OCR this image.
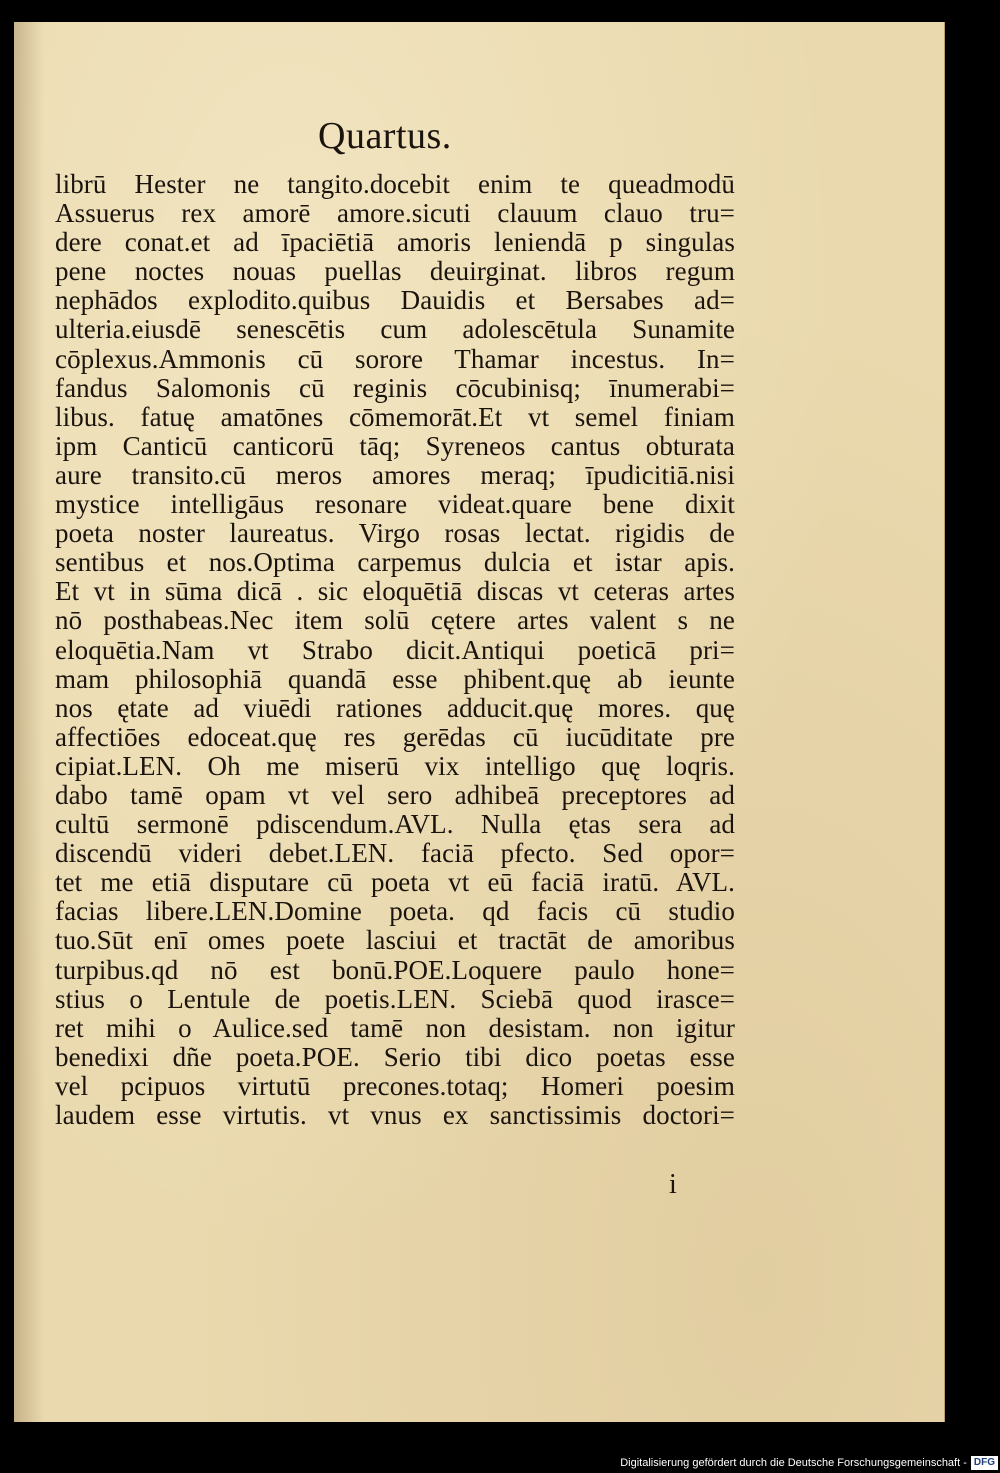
Quartus.
librū Hester ne tangito.docebit enim te queadmodū
Assuerus rex amorē amore.sicuti clauum clauo tru=
dere conat.et ad īpaciētiā amoris leniendā p singulas
pene noctes nouas puellas deuirginat. libros regum
nephādos explodito.quibus Dauidis et Bersabes ad=
ulteria.eiusdē senescētis cum adolescētula Sunamite
cōplexus.Ammonis cū sorore Thamar incestus. In=
fandus Salomonis cū reginis cōcubinisq; īnumerabi=
libus. fatuę amatōnes cōmemorāt.Et vt semel finiam
ipm Canticū canticorū tāq; Syreneos cantus obturata
aure transito.cū meros amores meraq; īpudicitiā.nisi
mystice intelligāus resonare videat.quare bene dixit
poeta noster laureatus. Virgo rosas lectat. rigidis de
sentibus et nos.Optima carpemus dulcia et istar apis.
Et vt in sūma dicā . sic eloquētiā discas vt ceteras artes
nō posthabeas.Nec item solū cętere artes valent s ne
eloquētia.Nam vt Strabo dicit.Antiqui poeticā pri=
mam philosophiā quandā esse phibent.quę ab ieunte
nos ętate ad viuēdi rationes adducit.quę mores. quę
affectiōes edoceat.quę res gerēdas cū iucūditate pre
cipiat.LEN. Oh me miserū vix intelligo quę loqris.
dabo tamē opam vt vel sero adhibeā preceptores ad
cultū sermonē pdiscendum.AVL. Nulla ętas sera ad
discendū videri debet.LEN. faciā pfecto. Sed opor=
tet me etiā disputare cū poeta vt eū faciā iratū. AVL.
facias libere.LEN.Domine poeta. qd facis cū studio
tuo.Sūt enī omes poete lasciui et tractāt de amoribus
turpibus.qd nō est bonū.POE.Loquere paulo hone=
stius o Lentule de poetis.LEN. Sciebā quod irasce=
ret mihi o Aulice.sed tamē non desistam. non igitur
benedixi dñe poeta.POE. Serio tibi dico poetas esse
vel pcipuos virtutū precones.totaq; Homeri poesim
laudem esse virtutis. vt vnus ex sanctissimis doctori=

i

Digitalisierung gefördert durch die Deutsche Forschungsgemeinschaft - DFG
